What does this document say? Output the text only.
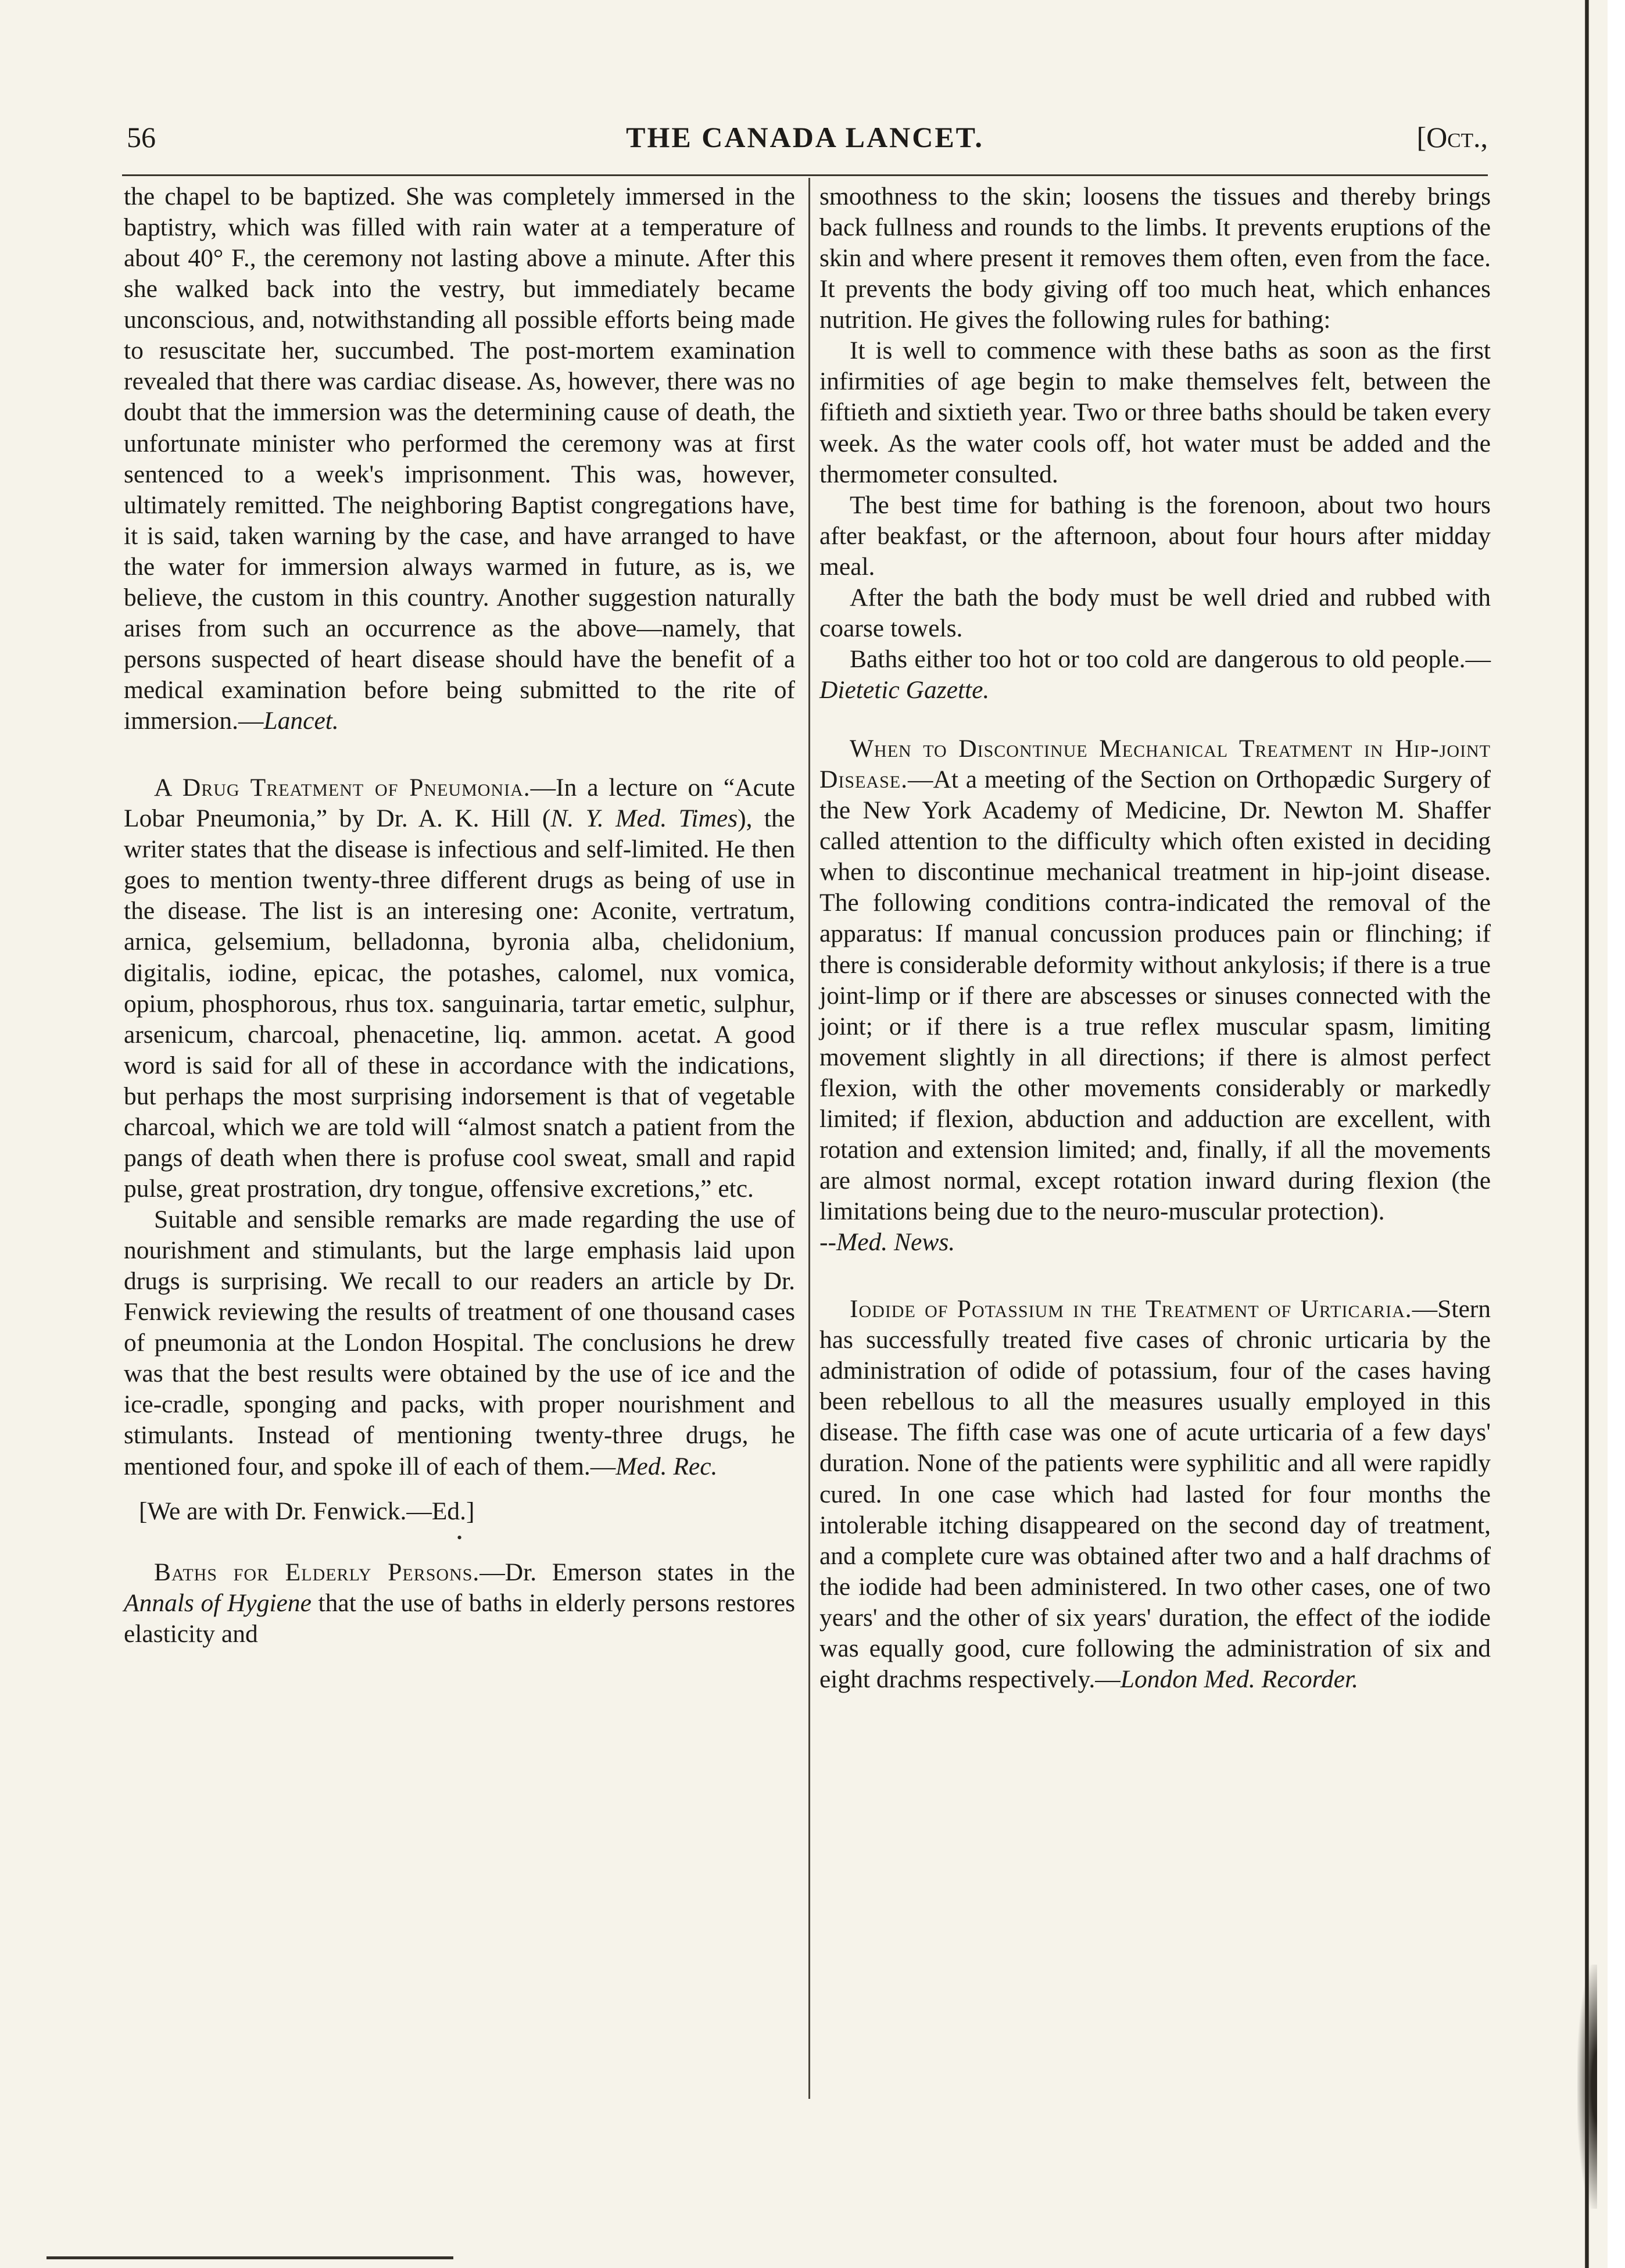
56	THE CANADA LANCET.	[Oct.,

the chapel to be baptized. She was completely immersed in the baptistry, which was filled with rain water at a temperature of about 40° F., the ceremony not lasting above a minute. After this she walked back into the vestry, but immediately became unconscious, and, notwithstanding all possible efforts being made to resuscitate her, succumbed. The post-mortem examination revealed that there was cardiac disease. As, however, there was no doubt that the immersion was the determining cause of death, the unfortunate minister who performed the ceremony was at first sentenced to a week's imprisonment. This was, however, ultimately remitted. The neighboring Baptist congregations have, it is said, taken warning by the case, and have arranged to have the water for immersion always warmed in future, as is, we believe, the custom in this country. Another suggestion naturally arises from such an occurrence as the above—namely, that persons suspected of heart disease should have the benefit of a medical examination before being submitted to the rite of immersion.—Lancet.

A Drug Treatment of Pneumonia.—In a lecture on “Acute Lobar Pneumonia,” by Dr. A. K. Hill (N. Y. Med. Times), the writer states that the disease is infectious and self-limited. He then goes to mention twenty-three different drugs as being of use in the disease. The list is an interesing one: Aconite, vertratum, arnica, gelsemium, belladonna, byronia alba, chelidonium, digitalis, iodine, epicac, the potashes, calomel, nux vomica, opium, phosphorous, rhus tox. sanguinaria, tartar emetic, sulphur, arsenicum, charcoal, phenacetine, liq. ammon. acetat. A good word is said for all of these in accordance with the indications, but perhaps the most surprising indorsement is that of vegetable charcoal, which we are told will “almost snatch a patient from the pangs of death when there is profuse cool sweat, small and rapid pulse, great prostration, dry tongue, offensive excretions,” etc.

Suitable and sensible remarks are made regarding the use of nourishment and stimulants, but the large emphasis laid upon drugs is surprising. We recall to our readers an article by Dr. Fenwick reviewing the results of treatment of one thousand cases of pneumonia at the London Hospital. The conclusions he drew was that the best results were obtained by the use of ice and the ice-cradle, sponging and packs, with proper nourishment and stimulants. Instead of mentioning twenty-three drugs, he mentioned four, and spoke ill of each of them.—Med. Rec.

[We are with Dr. Fenwick.—Ed.]

•

Baths for Elderly Persons.—Dr. Emerson states in the Annals of Hygiene that the use of baths in elderly persons restores elasticity and

smoothness to the skin; loosens the tissues and thereby brings back fullness and rounds to the limbs. It prevents eruptions of the skin and where present it removes them often, even from the face. It prevents the body giving off too much heat, which enhances nutrition. He gives the following rules for bathing:

It is well to commence with these baths as soon as the first infirmities of age begin to make themselves felt, between the fiftieth and sixtieth year. Two or three baths should be taken every week. As the water cools off, hot water must be added and the thermometer consulted.

The best time for bathing is the forenoon, about two hours after beakfast, or the afternoon, about four hours after midday meal.

After the bath the body must be well dried and rubbed with coarse towels.

Baths either too hot or too cold are dangerous to old people.—Dietetic Gazette.

When to Discontinue Mechanical Treatment in Hip-joint Disease.—At a meeting of the Section on Orthopædic Surgery of the New York Academy of Medicine, Dr. Newton M. Shaffer called attention to the difficulty which often existed in deciding when to discontinue mechanical treatment in hip-joint disease. The following conditions contra-indicated the removal of the apparatus: If manual concussion produces pain or flinching; if there is considerable deformity without ankylosis; if there is a true joint-limp or if there are abscesses or sinuses connected with the joint; or if there is a true reflex muscular spasm, limiting movement slightly in all directions; if there is almost perfect flexion, with the other movements considerably or markedly limited; if flexion, abduction and adduction are excellent, with rotation and extension limited; and, finally, if all the movements are almost normal, except rotation inward during flexion (the limitations being due to the neuro-muscular protection).
--Med. News.

Iodide of Potassium in the Treatment of Urticaria.—Stern has successfully treated five cases of chronic urticaria by the administration of odide of potassium, four of the cases having been rebellous to all the measures usually employed in this disease. The fifth case was one of acute urticaria of a few days' duration. None of the patients were syphilitic and all were rapidly cured. In one case which had lasted for four months the intolerable itching disappeared on the second day of treatment, and a complete cure was obtained after two and a half drachms of the iodide had been administered. In two other cases, one of two years' and the other of six years' duration, the effect of the iodide was equally good, cure following the administration of six and eight drachms respectively.—London Med. Recorder.
